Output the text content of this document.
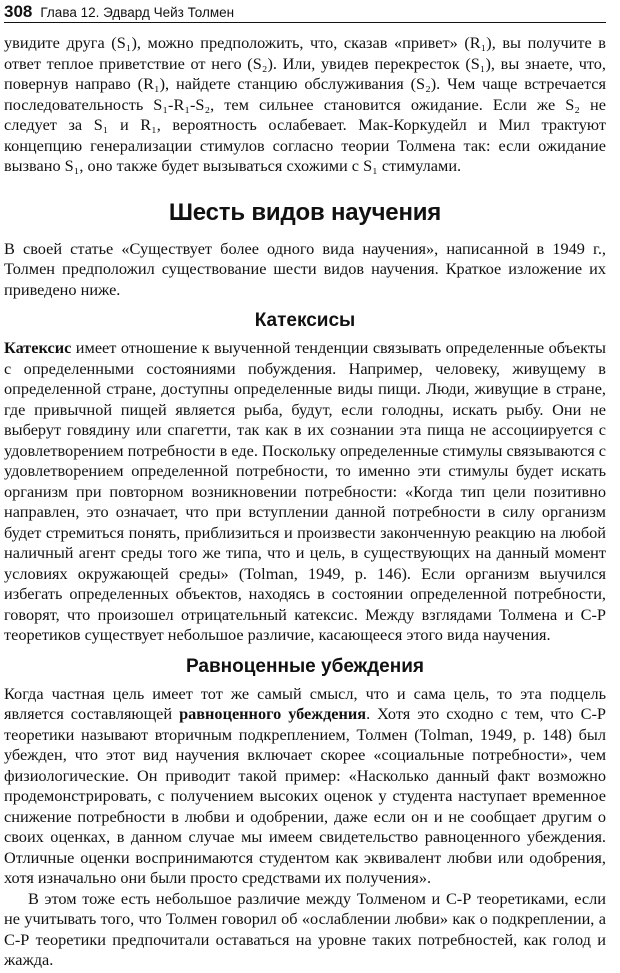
308 Глава 12. Эдвард Чейз Толмен

увидите друга (S₁), можно предположить, что, сказав «привет» (R₁), вы получите в ответ теплое приветствие от него (S₂). Или, увидев перекресток (S₁), вы знаете, что, повернув направо (R₁), найдете станцию обслуживания (S₂). Чем чаще встречается последовательность S₁-R₁-S₂, тем сильнее становится ожидание. Если же S₂ не следует за S₁ и R₁, вероятность ослабевает. Мак-Коркудейл и Мил трактуют концепцию генерализации стимулов согласно теории Толмена так: если ожидание вызвано S₁, оно также будет вызываться схожими с S₁ стимулами.

Шесть видов научения

В своей статье «Существует более одного вида научения», написанной в 1949 г., Толмен предположил существование шести видов научения. Краткое изложение их приведено ниже.

Катексисы

Катексис имеет отношение к выученной тенденции связывать определенные объекты с определенными состояниями побуждения. Например, человеку, живущему в определенной стране, доступны определенные виды пищи. Люди, живущие в стране, где привычной пищей является рыба, будут, если голодны, искать рыбу. Они не выберут говядину или спагетти, так как в их сознании эта пища не ассоциируется с удовлетворением потребности в еде. Поскольку определенные стимулы связываются с удовлетворением определенной потребности, то именно эти стимулы будет искать организм при повторном возникновении потребности: «Когда тип цели позитивно направлен, это означает, что при вступлении данной потребности в силу организм будет стремиться понять, приблизиться и произвести законченную реакцию на любой наличный агент среды того же типа, что и цель, в существующих на данный момент условиях окружающей среды» (Tolman, 1949, p. 146). Если организм выучился избегать определенных объектов, находясь в состоянии определенной потребности, говорят, что произошел отрицательный катексис. Между взглядами Толмена и С-Р теоретиков существует небольшое различие, касающееся этого вида научения.

Равноценные убеждения

Когда частная цель имеет тот же самый смысл, что и сама цель, то эта подцель является составляющей равноценного убеждения. Хотя это сходно с тем, что С-Р теоретики называют вторичным подкреплением, Толмен (Tolman, 1949, p. 148) был убежден, что этот вид научения включает скорее «социальные потребности», чем физиологические. Он приводит такой пример: «Насколько данный факт возможно продемонстрировать, с получением высоких оценок у студента наступает временное снижение потребности в любви и одобрении, даже если он и не сообщает другим о своих оценках, в данном случае мы имеем свидетельство равноценного убеждения. Отличные оценки воспринимаются студентом как эквивалент любви или одобрения, хотя изначально они были просто средствами их получения».

В этом тоже есть небольшое различие между Толменом и С-Р теоретиками, если не учитывать того, что Толмен говорил об «ослаблении любви» как о подкреплении, а С-Р теоретики предпочитали оставаться на уровне таких потребностей, как голод и жажда.
